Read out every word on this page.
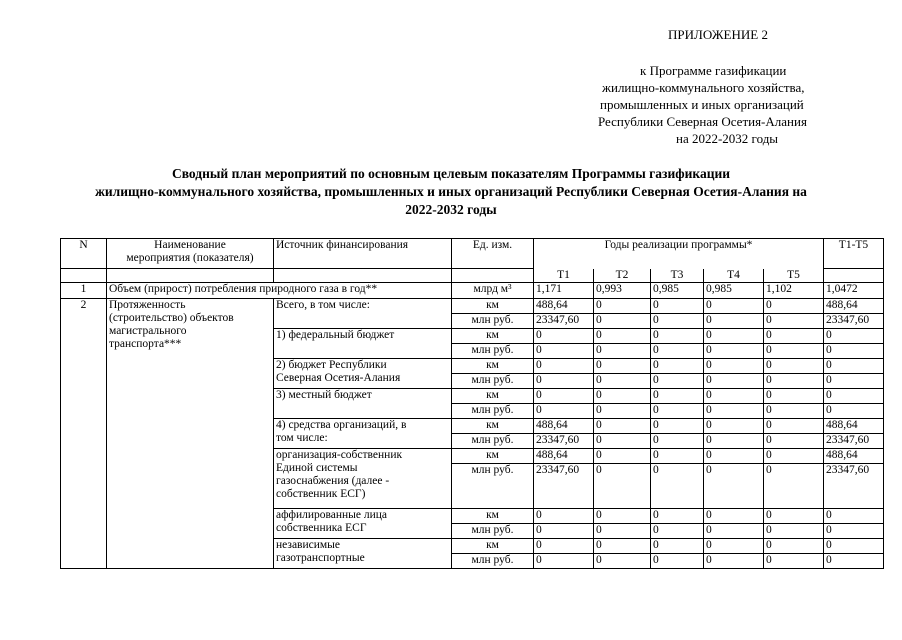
ПРИЛОЖЕНИЕ 2
к Программе газификации
жилищно-коммунального хозяйства,
промышленных и иных организаций
Республики Северная Осетия-Алания
на 2022-2032 годы
Сводный план мероприятий по основным целевым показателям Программы газификации
жилищно-коммунального хозяйства, промышленных и иных организаций Республики Северная Осетия-Алания на
2022-2032 годы
N	Наименование
мероприятия (показателя)	Источник финансирования	Ед. изм.	Годы реализации программы*					Т1-Т5
				Т1	Т2	Т3	Т4	Т5	
1	Объем (прирост) потребления природного газа в год**		млрд м³	1,171	0,993	0,985	0,985	1,102	1,0472
2	Протяженность
(строительство) объектов
магистрального
транспорта***	Всего, в том числе:	км	488,64	0	0	0	0	488,64
			млн руб.	23347,60	0	0	0	0	23347,60

		1) федеральный бюджет	км	0	0	0	0	0	0
			млн руб.	0	0	0	0	0	0

		2) бюджет Республики
Северная Осетия-Алания	км	0	0	0	0	0	0
			млн руб.	0	0	0	0	0	0

		3) местный бюджет	км	0	0	0	0	0	0
			млн руб.	0	0	0	0	0	0

		4) средства организаций, в
том числе:	км	488,64	0	0	0	0	488,64
			млн руб.	23347,60	0	0	0	0	23347,60

		организация-собственник
Единой системы
газоснабжения (далее -
собственник ЕСГ)	км	488,64	0	0	0	0	488,64
			млн руб.	23347,60	0	0	0	0	23347,60

		аффилированные лица
собственника ЕСГ	км	0	0	0	0	0	0
			млн руб.	0	0	0	0	0	0

		независимые
газотранспортные	км	0	0	0	0	0	0
			млн руб.	0	0	0	0	0	0
